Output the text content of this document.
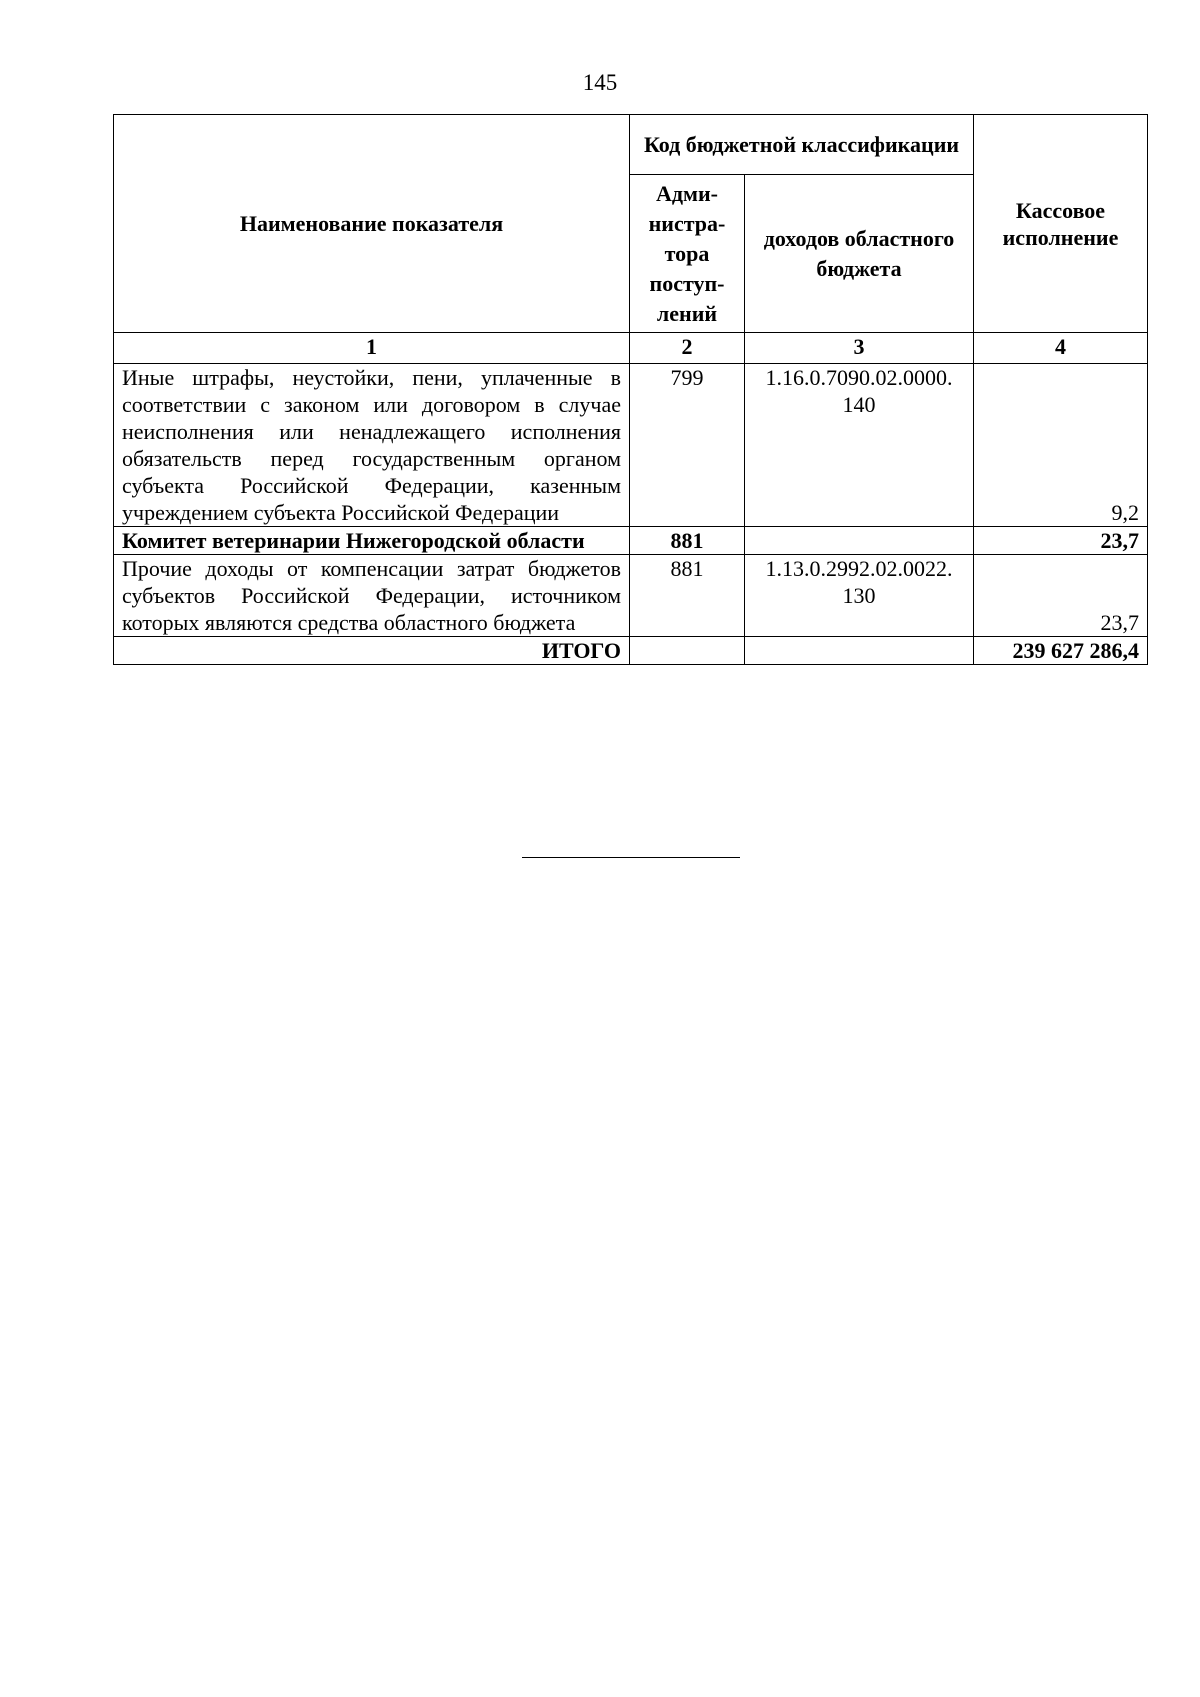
145
Наименование показателя	Код бюджетной классификации		Кассовое исполнение
	Адми-нистра-тора поступ-лений	доходов областного бюджета	
1	2	3	4
Иные штрафы, неустойки, пени, уплаченные в соответствии с законом или договором в случае неисполнения или ненадлежащего исполнения обязательств перед государственным органом субъекта Российской Федерации, казенным учреждением субъекта Российской Федерации	799	1.16.0.7090.02.0000. 140	9,2
Комитет ветеринарии Нижегородской области	881		23,7
Прочие доходы от компенсации затрат бюджетов субъектов Российской Федерации, источником которых являются средства областного бюджета	881	1.13.0.2992.02.0022. 130	23,7
ИТОГО			239 627 286,4
